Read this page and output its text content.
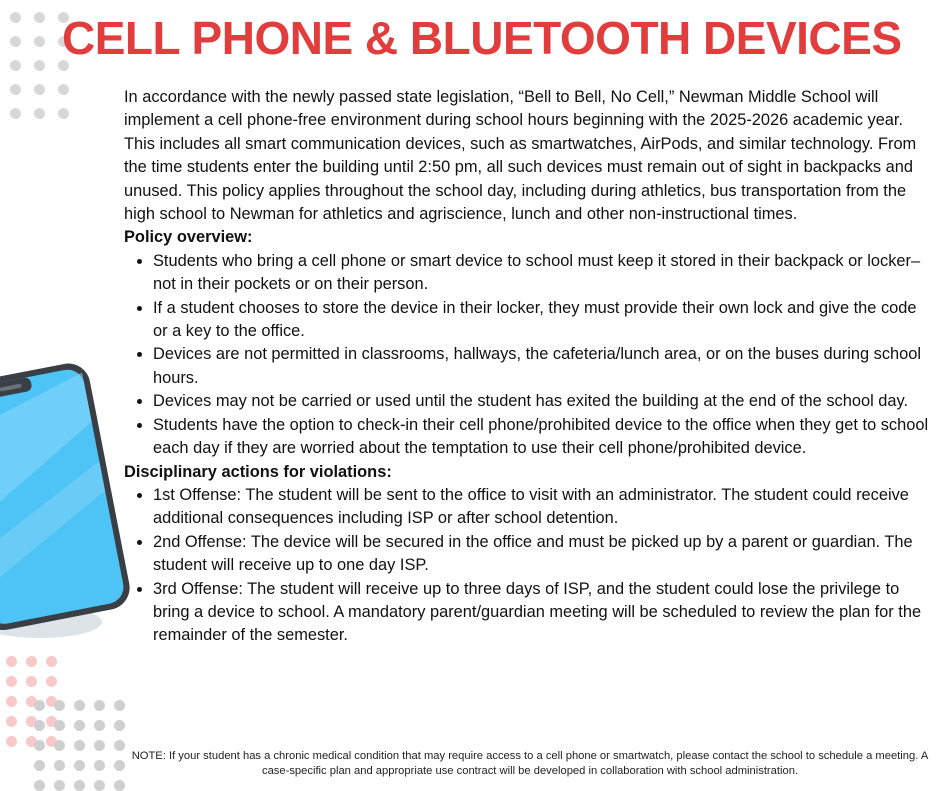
CELL PHONE & BLUETOOTH DEVICES

In accordance with the newly passed state legislation, “Bell to Bell, No Cell,” Newman Middle School will implement a cell phone-free environment during school hours beginning with the 2025-2026 academic year. This includes all smart communication devices, such as smartwatches, AirPods, and similar technology. From the time students enter the building until 2:50 pm, all such devices must remain out of sight in backpacks and unused. This policy applies throughout the school day, including during athletics, bus transportation from the high school to Newman for athletics and agriscience, lunch and other non-instructional times.

Policy overview:

• Students who bring a cell phone or smart device to school must keep it stored in their backpack or locker–not in their pockets or on their person.
• If a student chooses to store the device in their locker, they must provide their own lock and give the code or a key to the office.
• Devices are not permitted in classrooms, hallways, the cafeteria/lunch area, or on the buses during school hours.
• Devices may not be carried or used until the student has exited the building at the end of the school day.
• Students have the option to check-in their cell phone/prohibited device to the office when they get to school each day if they are worried about the temptation to use their cell phone/prohibited device.

Disciplinary actions for violations:

• 1st Offense: The student will be sent to the office to visit with an administrator. The student could receive additional consequences including ISP or after school detention.
• 2nd Offense: The device will be secured in the office and must be picked up by a parent or guardian. The student will receive up to one day ISP.
• 3rd Offense: The student will receive up to three days of ISP, and the student could lose the privilege to bring a device to school. A mandatory parent/guardian meeting will be scheduled to review the plan for the remainder of the semester.

NOTE: If your student has a chronic medical condition that may require access to a cell phone or smartwatch, please contact the school to schedule a meeting. A case-specific plan and appropriate use contract will be developed in collaboration with school administration.
